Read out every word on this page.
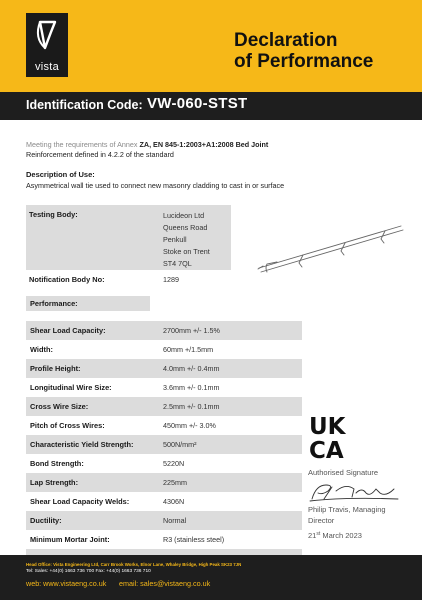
vista
Declaration
of Performance
Identification Code: VW-060-STST
Meeting the requirements of Annex ZA, EN 845-1:2003+A1:2008 Bed Joint
Reinforcement defined in 4.2.2 of the standard
Description of Use:
Asymmetrical wall tie used to connect new masonry cladding to cast in or surface
Testing Body:	Lucideon Ltd
Queens Road
Penkull
Stoke on Trent
ST4 7QL
Notification Body No:	1289
Performance:
Shear Load Capacity:	2700mm +/- 1.5%
Width:	60mm +/1.5mm
Profile Height:	4.0mm +/- 0.4mm
Longitudinal Wire Size:	3.6mm +/- 0.1mm
Cross Wire Size:	2.5mm +/- 0.1mm
Pitch of Cross Wires:	450mm +/- 3.0%
Characteristic Yield Strength:	500N/mm²
Bond Strength:	5220N
Lap Strength:	225mm
Shear Load Capacity Welds:	4306N
Ductility:	Normal
Minimum Mortar Joint:	R3 (stainless steel)
UK
CA
Authorised Signature
Philip Travis, Managing Director
21st March 2023
Head Office: Vista Engineering Ltd, Carr Brook Works, Elnor Lane, Whaley Bridge, High Peak SK23 7JN
Tel: Sales: +44(0) 1663 736 700 Fax: +44(0) 1663 736 710
web: www.vistaeng.co.uk email: sales@vistaeng.co.uk
